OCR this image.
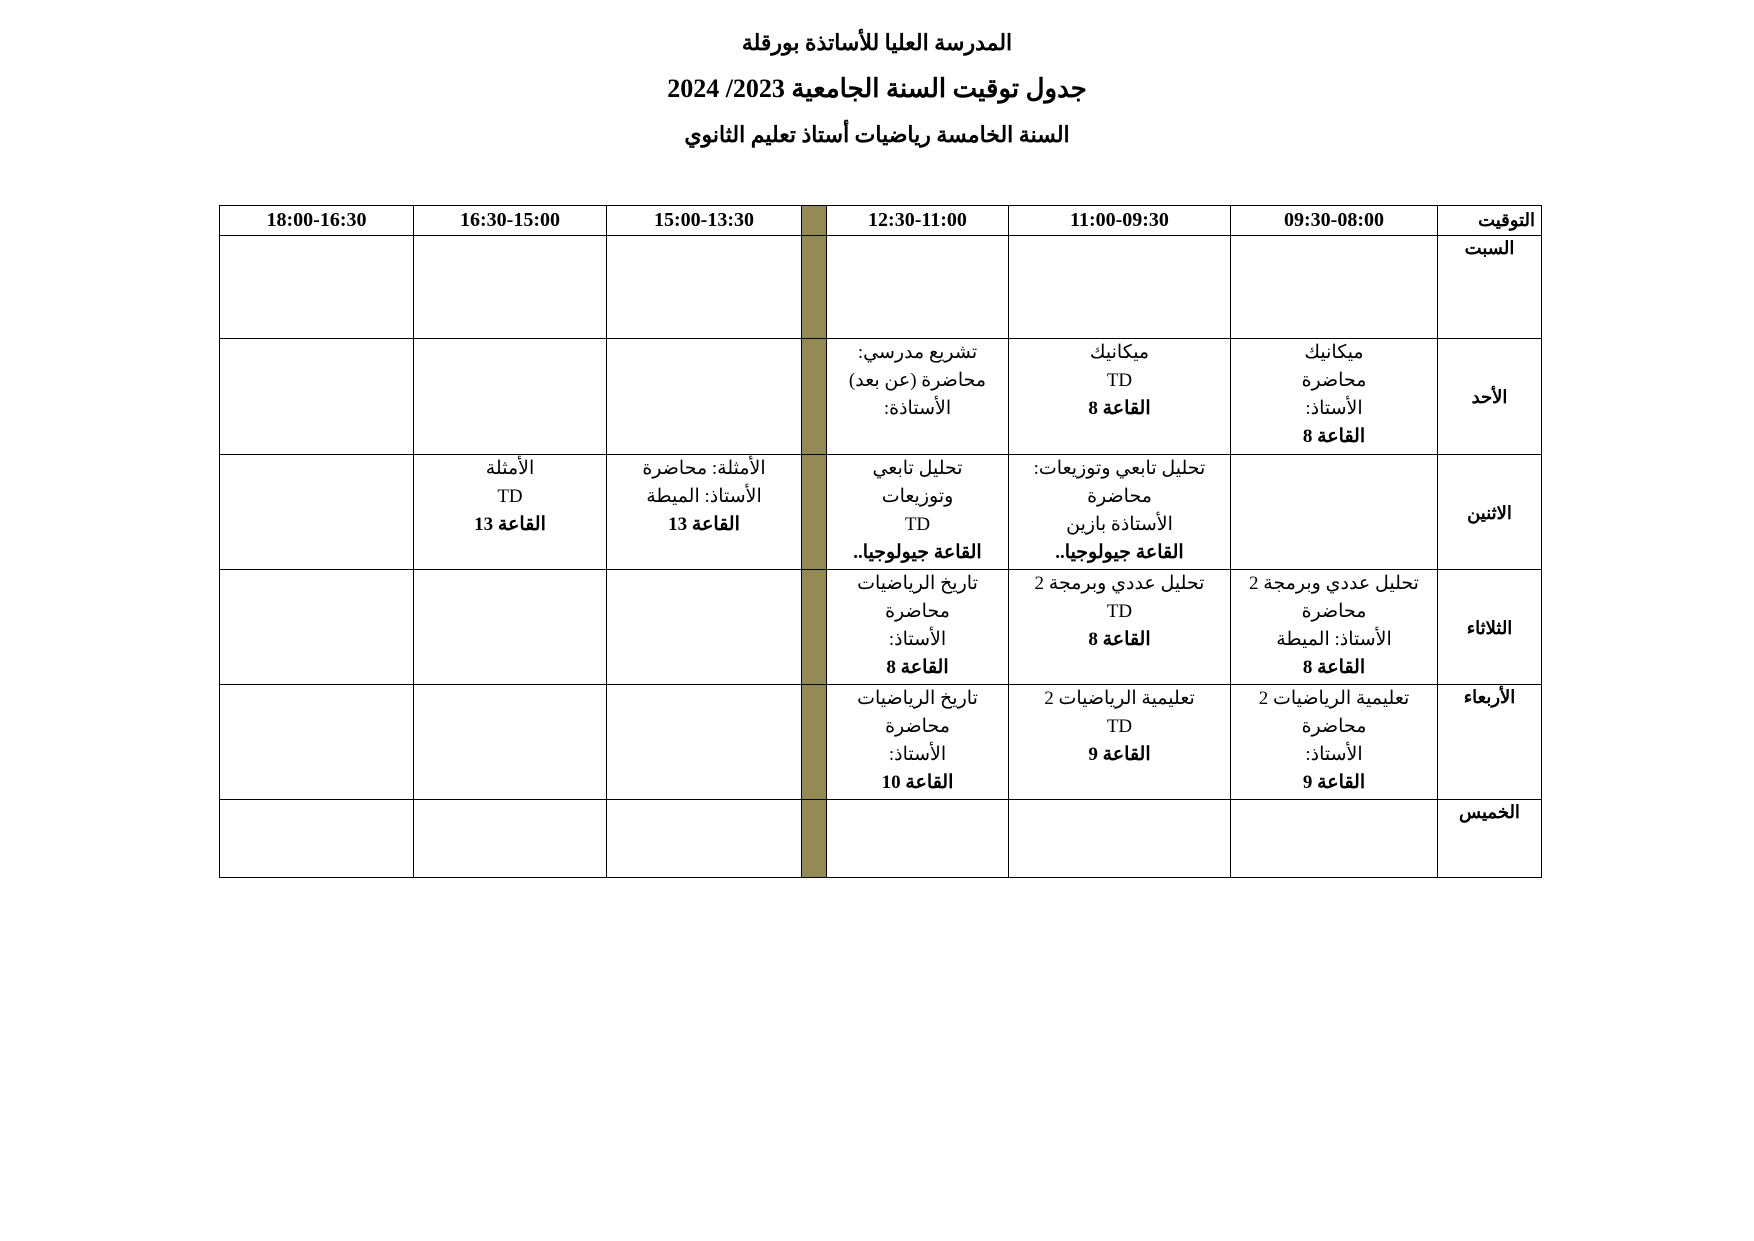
المدرسة العليا للأساتذة بورقلة
جدول توقيت السنة الجامعية 2023/ 2024
السنة الخامسة رياضيات أستاذ تعليم الثانوي
التوقيت	09:30-08:00	11:00-09:30	12:30-11:00		15:00-13:30	16:30-15:00	18:00-16:30
السبت							
الأحد	ميكانيك
محاضرة
الأستاذ:
القاعة 8	ميكانيك
TD
القاعة 8	تشريع مدرسي:
محاضرة (عن بعد)
الأستاذة:				

الاثنين		تحليل تابعي وتوزيعات:
محاضرة
الأستاذة بازين
القاعة جيولوجيا..	تحليل تابعي
وتوزيعات
TD
القاعة جيولوجيا..		الأمثلة: محاضرة
الأستاذ: الميطة
القاعة 13	الأمثلة
TD
القاعة 13	

الثلاثاء	تحليل عددي وبرمجة 2
محاضرة
الأستاذ: الميطة
القاعة 8	تحليل عددي وبرمجة 2
TD
القاعة 8	تاريخ الرياضيات
محاضرة
الأستاذ:
القاعة 8				

الأربعاء	تعليمية الرياضيات 2
محاضرة
الأستاذ:
القاعة 9	تعليمية الرياضيات 2
TD
القاعة 9	تاريخ الرياضيات
محاضرة
الأستاذ:
القاعة 10				

الخميس							
